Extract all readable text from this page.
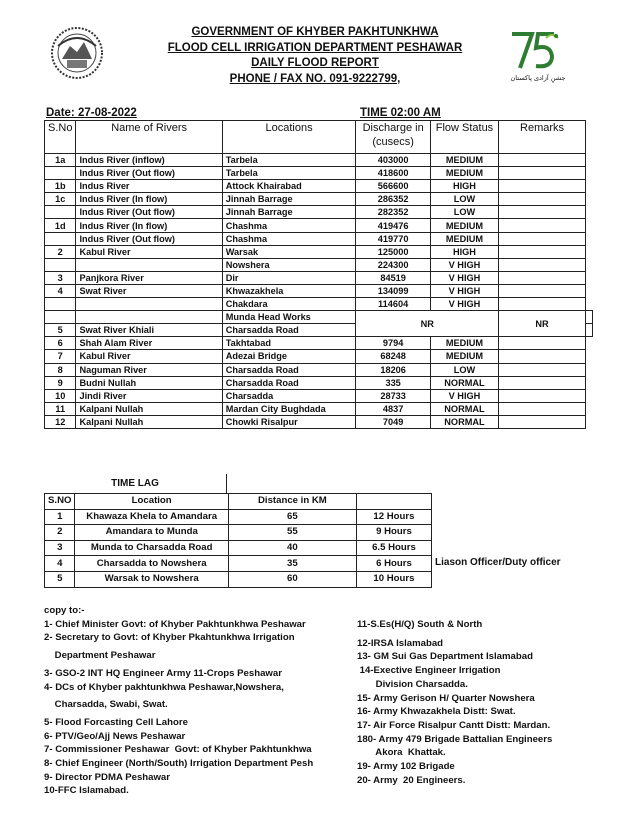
جشنِ آزادی پاکستان
GOVERNMENT OF KHYBER PAKHTUNKHWA
FLOOD CELL IRRIGATION DEPARTMENT PESHAWAR
DAILY FLOOD REPORT
PHONE / FAX NO. 091-9222799,
Date: 27-08-2022	TIME 02:00 AM
S.No	Name of Rivers	Locations	Discharge in (cusecs)	Flow Status	Remarks	
1a	Indus River (inflow)	Tarbela	403000	MEDIUM		
	Indus River (Out flow)	Tarbela	418600	MEDIUM		
1b	Indus River	Attock Khairabad	566600	HIGH		
1c	Indus River (In flow)	Jinnah Barrage	286352	LOW		
	Indus River (Out flow)	Jinnah Barrage	282352	LOW		
1d	Indus River (In flow)	Chashma	419476	MEDIUM		
	Indus River (Out flow)	Chashma	419770	MEDIUM		
2	Kabul River	Warsak	125000	HIGH		
		Nowshera	224300	V HIGH		
3	Panjkora River	Dir	84519	V HIGH		
4	Swat River	Khwazakhela	134099	V HIGH		
		Chakdara	114604	V HIGH		
		Munda Head Works	NR		NR	
5	Swat River Khiali	Charsadda Road				
6	Shah Alam River	Takhtabad	9794	MEDIUM		
7	Kabul River	Adezai Bridge	68248	MEDIUM		
8	Naguman River	Charsadda Road	18206	LOW		
9	Budni Nullah	Charsadda Road	335	NORMAL		
10	Jindi River	Charsadda	28733	V HIGH		
11	Kalpani Nullah	Mardan City Bughdada	4837	NORMAL		
12	Kalpani Nullah	Chowki Risalpur	7049	NORMAL		
TIME LAG
S.NO	Location	Distance in KM	
1	Khawaza Khela to Amandara	65	12 Hours
2	Amandara to Munda	55	9 Hours
3	Munda to Charsadda Road	40	6.5 Hours
4	Charsadda to Nowshera	35	6 Hours
5	Warsak to Nowshera	60	10 Hours
Liason Officer/Duty officer
copy to:-
1- Chief Minister Govt: of Khyber Pakhtunkhwa Peshawar
2- Secretary to Govt: of Khyber Pkahtunkhwa Irrigation
Department Peshawar
3- GSO-2 INT HQ Engineer Army 11-Crops Peshawar
4- DCs of Khyber pakhtunkhwa Peshawar,Nowshera,
Charsadda, Swabi, Swat.
5- Flood Forcasting Cell Lahore
6- PTV/Geo/Ajj News Peshawar
7- Commissioner Peshawar  Govt: of Khyber Pakhtunkhwa
8- Chief Engineer (North/South) Irrigation Department Pesh
9- Director PDMA Peshawar
10-FFC Islamabad.
11-S.Es(H/Q) South & North
12-IRSA Islamabad
13- GM Sui Gas Department Islamabad
14-Exective Engineer Irrigation
Division Charsadda.
15- Army Gerison H/ Quarter Nowshera
16- Army Khwazakhela Distt: Swat.
17- Air Force Risalpur Cantt Distt: Mardan.
180- Army 479 Brigade Battalian Engineers
Akora  Khattak.
19- Army 102 Brigade
20- Army  20 Engineers.
